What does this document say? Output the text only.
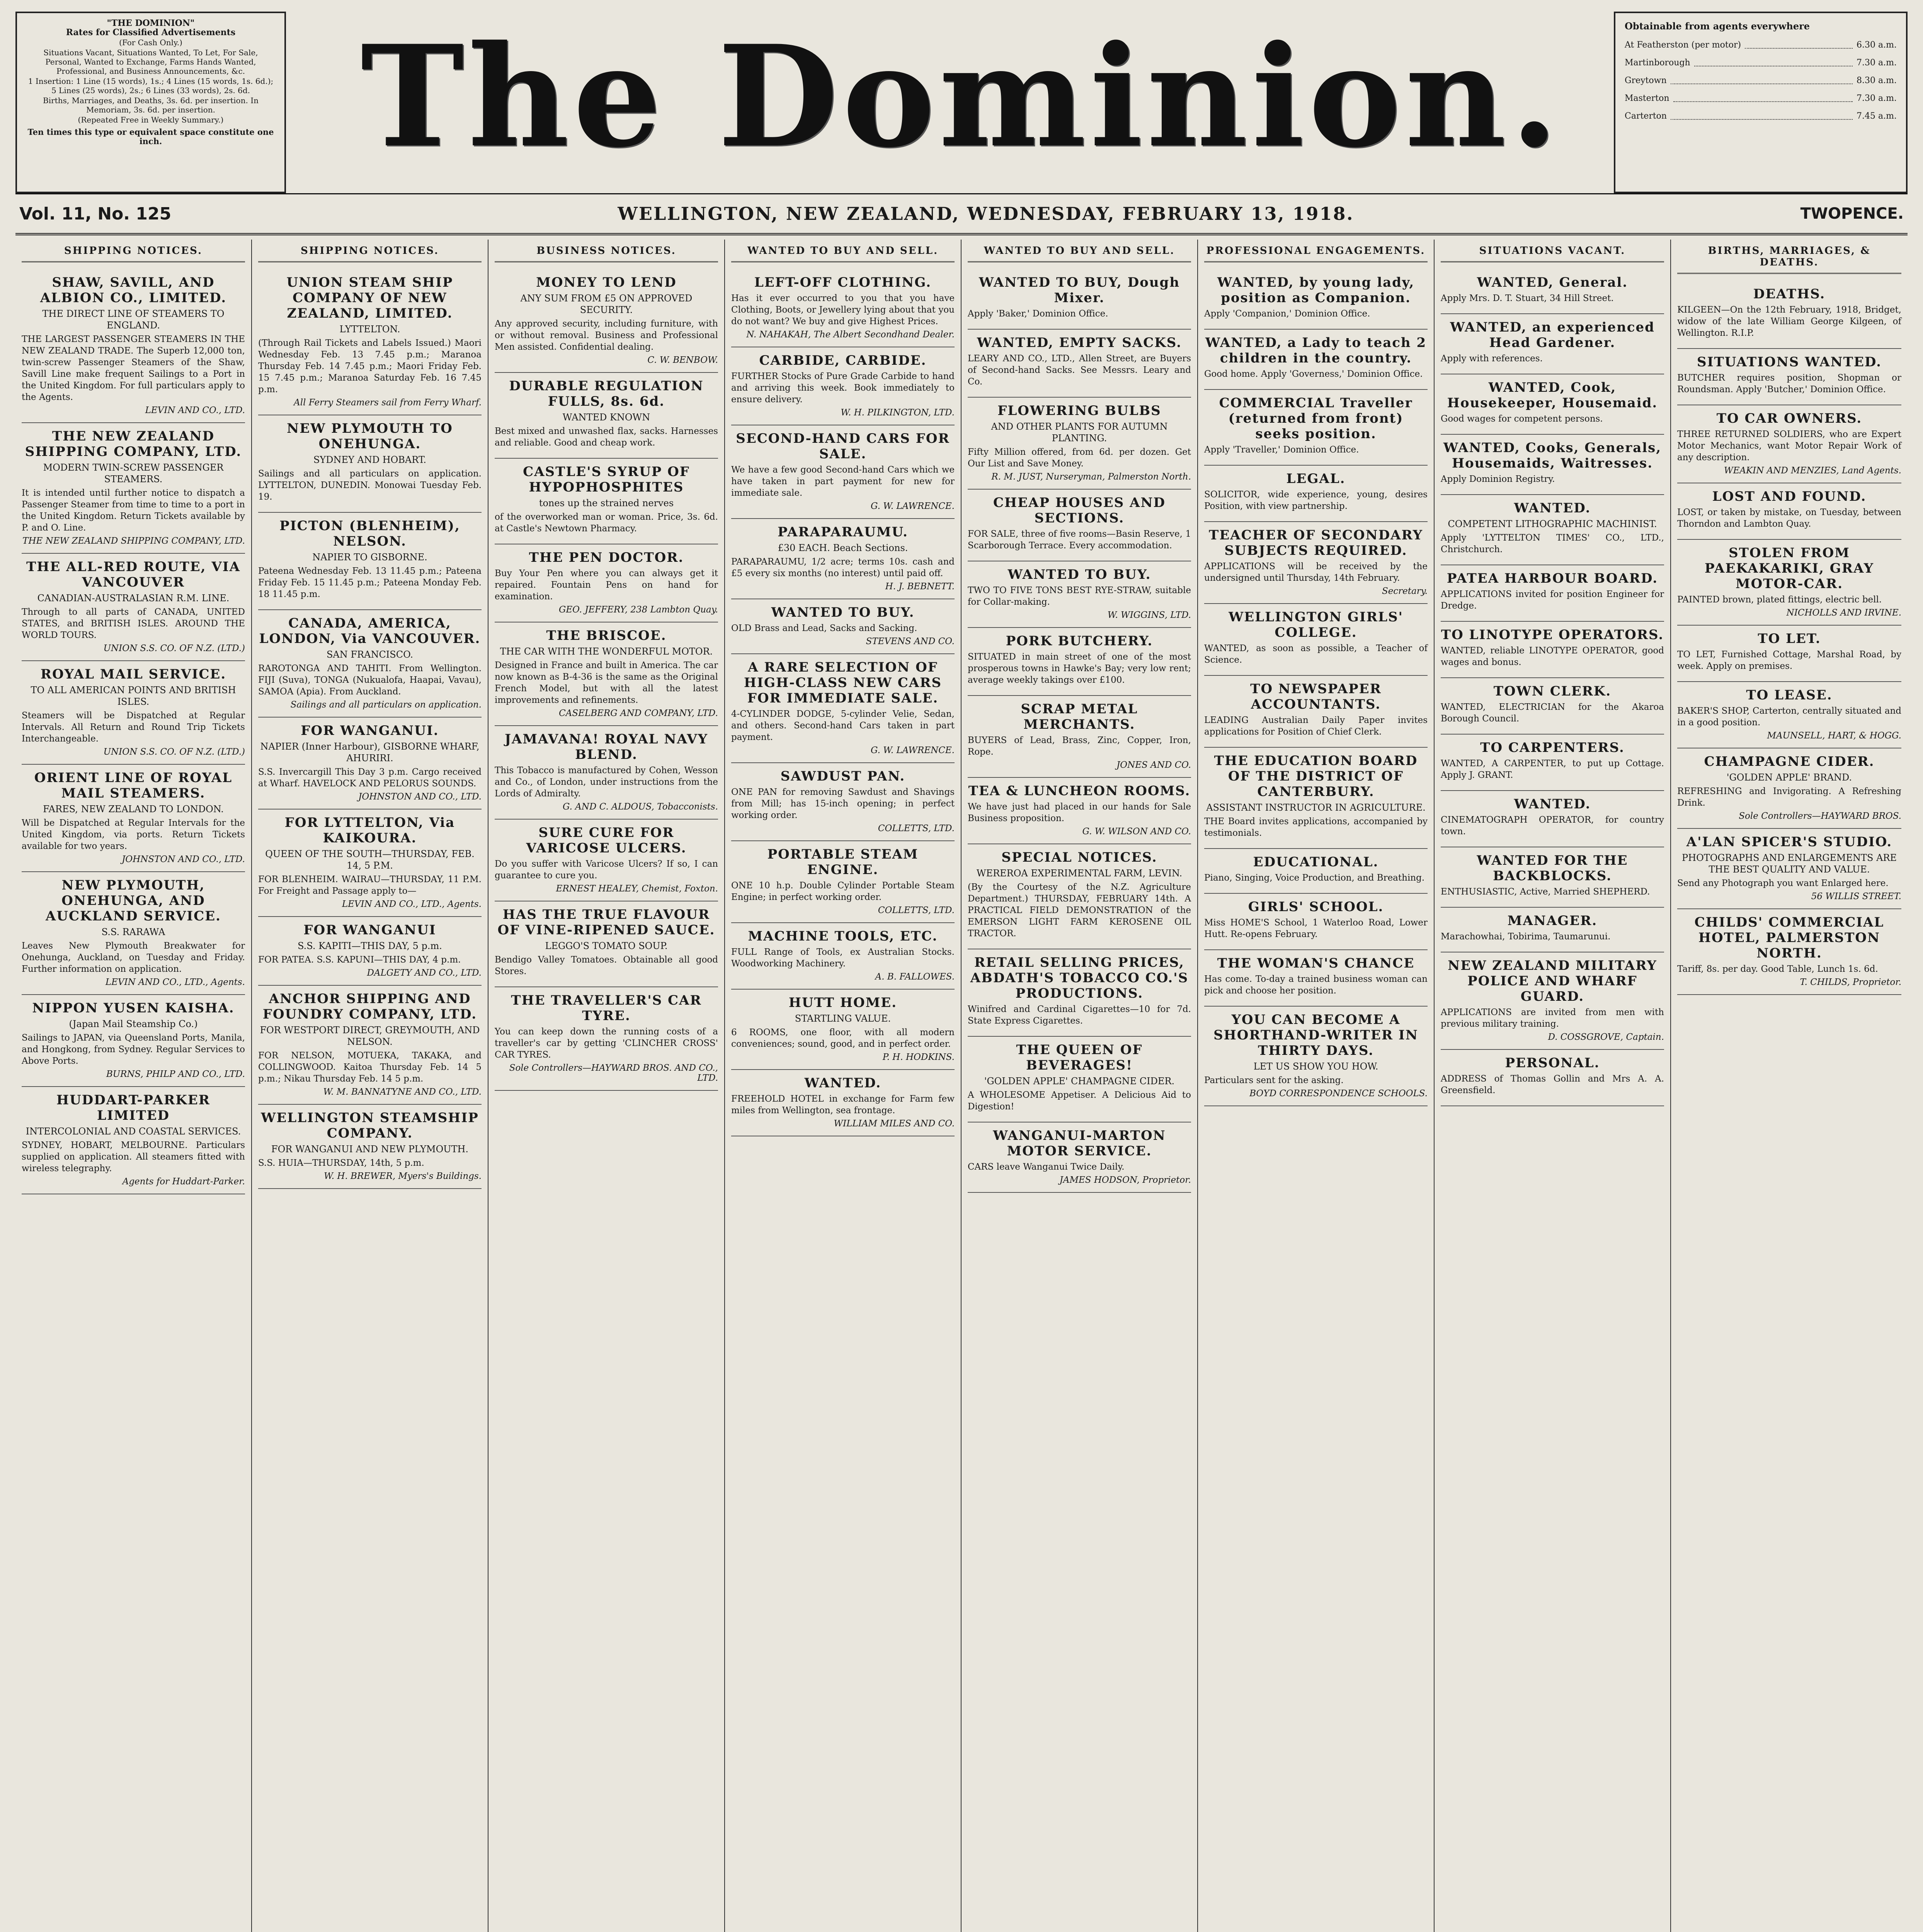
"THE DOMINION"
Rates for Classified Advertisements

(For Cash Only.)

Situations Vacant, Situations Wanted, To Let, For Sale, Personal, Wanted to Exchange, Farms Hands Wanted, Professional, and Business Announcements, &c.

1 Insertion: 1 Line (15 words), 1s.; 4 Lines (15 words, 1s. 6d.); 5 Lines (25 words), 2s.; 6 Lines (33 words), 2s. 6d.

Births, Marriages, and Deaths, 3s. 6d. per insertion. In Memoriam, 3s. 6d. per insertion.

(Repeated Free in Weekly Summary.)

Ten times this type or equivalent space constitute one inch.	The Dominion.	Obtainable from agents everywhere
At Featherston (per motor)	6.30 a.m.
Martinborough	7.30 a.m.
Greytown	8.30 a.m.
Masterton	7.30 a.m.
Carterton	7.45 a.m.
Vol. 11, No. 125	WELLINGTON, NEW ZEALAND, WEDNESDAY, FEBRUARY 13, 1918.	TWOPENCE.
SHIPPING NOTICES.
SHAW, SAVILL, AND ALBION CO., LIMITED.
THE DIRECT LINE OF STEAMERS TO ENGLAND.
THE LARGEST PASSENGER STEAMERS IN THE NEW ZEALAND TRADE. The Superb 12,000 ton, twin-screw Passenger Steamers of the Shaw, Savill Line make frequent Sailings to a Port in the United Kingdom. For full particulars apply to the Agents.
LEVIN AND CO., LTD.
THE NEW ZEALAND SHIPPING COMPANY, LTD.
MODERN TWIN-SCREW PASSENGER STEAMERS.
It is intended until further notice to dispatch a Passenger Steamer from time to time to a port in the United Kingdom. Return Tickets available by P. and O. Line.
THE NEW ZEALAND SHIPPING COMPANY, LTD.
THE ALL-RED ROUTE, VIA VANCOUVER
CANADIAN-AUSTRALASIAN R.M. LINE.
Through to all parts of CANADA, UNITED STATES, and BRITISH ISLES. AROUND THE WORLD TOURS.
UNION S.S. CO. OF N.Z. (LTD.)
ROYAL MAIL SERVICE.
TO ALL AMERICAN POINTS AND BRITISH ISLES.
Steamers will be Dispatched at Regular Intervals. All Return and Round Trip Tickets Interchangeable.
UNION S.S. CO. OF N.Z. (LTD.)
ORIENT LINE OF ROYAL MAIL STEAMERS.
FARES, NEW ZEALAND TO LONDON.
Will be Dispatched at Regular Intervals for the United Kingdom, via ports. Return Tickets available for two years.
JOHNSTON AND CO., LTD.
NEW PLYMOUTH, ONEHUNGA, AND AUCKLAND SERVICE.
S.S. RARAWA
Leaves New Plymouth Breakwater for Onehunga, Auckland, on Tuesday and Friday. Further information on application.
LEVIN AND CO., LTD., Agents.
NIPPON YUSEN KAISHA.
(Japan Mail Steamship Co.)
Sailings to JAPAN, via Queensland Ports, Manila, and Hongkong, from Sydney. Regular Services to Above Ports.
BURNS, PHILP AND CO., LTD.
HUDDART-PARKER LIMITED
INTERCOLONIAL AND COASTAL SERVICES.
SYDNEY, HOBART, MELBOURNE. Particulars supplied on application. All steamers fitted with wireless telegraphy.
Agents for Huddart-Parker.
SHIPPING NOTICES.
UNION STEAM SHIP COMPANY OF NEW ZEALAND, LIMITED.
LYTTELTON.
(Through Rail Tickets and Labels Issued.) Maori Wednesday Feb. 13 7.45 p.m.; Maranoa Thursday Feb. 14 7.45 p.m.; Maori Friday Feb. 15 7.45 p.m.; Maranoa Saturday Feb. 16 7.45 p.m.
All Ferry Steamers sail from Ferry Wharf.
NEW PLYMOUTH TO ONEHUNGA.
SYDNEY AND HOBART.
Sailings and all particulars on application. LYTTELTON, DUNEDIN. Monowai Tuesday Feb. 19.
PICTON (BLENHEIM), NELSON.
NAPIER TO GISBORNE.
Pateena Wednesday Feb. 13 11.45 p.m.; Pateena Friday Feb. 15 11.45 p.m.; Pateena Monday Feb. 18 11.45 p.m.
CANADA, AMERICA, LONDON, Via VANCOUVER.
SAN FRANCISCO.
RAROTONGA AND TAHITI. From Wellington. FIJI (Suva), TONGA (Nukualofa, Haapai, Vavau), SAMOA (Apia). From Auckland.
Sailings and all particulars on application.
FOR WANGANUI.
NAPIER (Inner Harbour), GISBORNE WHARF, AHURIRI.
S.S. Invercargill This Day 3 p.m. Cargo received at Wharf. HAVELOCK AND PELORUS SOUNDS.
JOHNSTON AND CO., LTD.
FOR LYTTELTON, Via KAIKOURA.
QUEEN OF THE SOUTH—THURSDAY, FEB. 14, 5 P.M.
FOR BLENHEIM. WAIRAU—THURSDAY, 11 P.M. For Freight and Passage apply to—
LEVIN AND CO., LTD., Agents.
FOR WANGANUI
S.S. KAPITI—THIS DAY, 5 p.m.
FOR PATEA. S.S. KAPUNI—THIS DAY, 4 p.m.
DALGETY AND CO., LTD.
ANCHOR SHIPPING AND FOUNDRY COMPANY, LTD.
FOR WESTPORT DIRECT, GREYMOUTH, AND NELSON.
FOR NELSON, MOTUEKA, TAKAKA, and COLLINGWOOD. Kaitoa Thursday Feb. 14 5 p.m.; Nikau Thursday Feb. 14 5 p.m.
W. M. BANNATYNE AND CO., LTD.
WELLINGTON STEAMSHIP COMPANY.
FOR WANGANUI AND NEW PLYMOUTH.
S.S. HUIA—THURSDAY, 14th, 5 p.m.
W. H. BREWER, Myers's Buildings.
BUSINESS NOTICES.
MONEY TO LEND
ANY SUM FROM £5 ON APPROVED SECURITY.
Any approved security, including furniture, with or without removal. Business and Professional Men assisted. Confidential dealing.
C. W. BENBOW.
DURABLE REGULATION FULLS, 8s. 6d.
WANTED KNOWN
Best mixed and unwashed flax, sacks. Harnesses and reliable. Good and cheap work.
CASTLE'S SYRUP OF HYPOPHOSPHITES
tones up the strained nerves
of the overworked man or woman. Price, 3s. 6d. at Castle's Newtown Pharmacy.
THE PEN DOCTOR.
Buy Your Pen where you can always get it repaired. Fountain Pens on hand for examination.
GEO. JEFFERY, 238 Lambton Quay.
THE BRISCOE.
THE CAR WITH THE WONDERFUL MOTOR.
Designed in France and built in America. The car now known as B-4-36 is the same as the Original French Model, but with all the latest improvements and refinements.
CASELBERG AND COMPANY, LTD.
JAMAVANA! ROYAL NAVY BLEND.
This Tobacco is manufactured by Cohen, Wesson and Co., of London, under instructions from the Lords of Admiralty.
G. AND C. ALDOUS, Tobacconists.
SURE CURE FOR VARICOSE ULCERS.
Do you suffer with Varicose Ulcers? If so, I can guarantee to cure you.
ERNEST HEALEY, Chemist, Foxton.
HAS THE TRUE FLAVOUR OF VINE-RIPENED SAUCE.
LEGGO'S TOMATO SOUP.
Bendigo Valley Tomatoes. Obtainable all good Stores.
THE TRAVELLER'S CAR TYRE.
You can keep down the running costs of a traveller's car by getting 'CLINCHER CROSS' CAR TYRES.
Sole Controllers—HAYWARD BROS. AND CO., LTD.
WANTED TO BUY AND SELL.
LEFT-OFF CLOTHING.
Has it ever occurred to you that you have Clothing, Boots, or Jewellery lying about that you do not want? We buy and give Highest Prices.
N. NAHAKAH, The Albert Secondhand Dealer.
CARBIDE, CARBIDE.
FURTHER Stocks of Pure Grade Carbide to hand and arriving this week. Book immediately to ensure delivery.
W. H. PILKINGTON, LTD.
SECOND-HAND CARS FOR SALE.
We have a few good Second-hand Cars which we have taken in part payment for new for immediate sale.
G. W. LAWRENCE.
PARAPARAUMU.
£30 EACH. Beach Sections.
PARAPARAUMU, 1/2 acre; terms 10s. cash and £5 every six months (no interest) until paid off.
H. J. BEBNETT.
WANTED TO BUY.
OLD Brass and Lead, Sacks and Sacking.
STEVENS AND CO.
A RARE SELECTION OF HIGH-CLASS NEW CARS FOR IMMEDIATE SALE.
4-CYLINDER DODGE, 5-cylinder Velie, Sedan, and others. Second-hand Cars taken in part payment.
G. W. LAWRENCE.
SAWDUST PAN.
ONE PAN for removing Sawdust and Shavings from Mill; has 15-inch opening; in perfect working order.
COLLETTS, LTD.
PORTABLE STEAM ENGINE.
ONE 10 h.p. Double Cylinder Portable Steam Engine; in perfect working order.
COLLETTS, LTD.
MACHINE TOOLS, ETC.
FULL Range of Tools, ex Australian Stocks. Woodworking Machinery.
A. B. FALLOWES.
HUTT HOME.
STARTLING VALUE.
6 ROOMS, one floor, with all modern conveniences; sound, good, and in perfect order.
P. H. HODKINS.
WANTED.
FREEHOLD HOTEL in exchange for Farm few miles from Wellington, sea frontage.
WILLIAM MILES AND CO.
WANTED TO BUY AND SELL.
WANTED TO BUY, Dough Mixer.
Apply 'Baker,' Dominion Office.
WANTED, EMPTY SACKS.
LEARY AND CO., LTD., Allen Street, are Buyers of Second-hand Sacks. See Messrs. Leary and Co.
FLOWERING BULBS
AND OTHER PLANTS FOR AUTUMN PLANTING.
Fifty Million offered, from 6d. per dozen. Get Our List and Save Money.
R. M. JUST, Nurseryman, Palmerston North.
CHEAP HOUSES AND SECTIONS.
FOR SALE, three of five rooms—Basin Reserve, 1 Scarborough Terrace. Every accommodation.
WANTED TO BUY.
TWO TO FIVE TONS BEST RYE-STRAW, suitable for Collar-making.
W. WIGGINS, LTD.
PORK BUTCHERY.
SITUATED in main street of one of the most prosperous towns in Hawke's Bay; very low rent; average weekly takings over £100.
SCRAP METAL MERCHANTS.
BUYERS of Lead, Brass, Zinc, Copper, Iron, Rope.
JONES AND CO.
TEA & LUNCHEON ROOMS.
We have just had placed in our hands for Sale Business proposition.
G. W. WILSON AND CO.
SPECIAL NOTICES.
WEREROA EXPERIMENTAL FARM, LEVIN.
(By the Courtesy of the N.Z. Agriculture Department.) THURSDAY, FEBRUARY 14th. A PRACTICAL FIELD DEMONSTRATION of the EMERSON LIGHT FARM KEROSENE OIL TRACTOR.
RETAIL SELLING PRICES, ABDATH'S TOBACCO CO.'S PRODUCTIONS.
Winifred and Cardinal Cigarettes—10 for 7d. State Express Cigarettes.
THE QUEEN OF BEVERAGES!
'GOLDEN APPLE' CHAMPAGNE CIDER.
A WHOLESOME Appetiser. A Delicious Aid to Digestion!
WANGANUI-MARTON MOTOR SERVICE.
CARS leave Wanganui Twice Daily.
JAMES HODSON, Proprietor.
PROFESSIONAL ENGAGEMENTS.
WANTED, by young lady, position as Companion.
Apply 'Companion,' Dominion Office.
WANTED, a Lady to teach 2 children in the country.
Good home. Apply 'Governess,' Dominion Office.
COMMERCIAL Traveller (returned from front) seeks position.
Apply 'Traveller,' Dominion Office.
LEGAL.
SOLICITOR, wide experience, young, desires Position, with view partnership.
TEACHER OF SECONDARY SUBJECTS REQUIRED.
APPLICATIONS will be received by the undersigned until Thursday, 14th February.
Secretary.
WELLINGTON GIRLS' COLLEGE.
WANTED, as soon as possible, a Teacher of Science.
TO NEWSPAPER ACCOUNTANTS.
LEADING Australian Daily Paper invites applications for Position of Chief Clerk.
THE EDUCATION BOARD OF THE DISTRICT OF CANTERBURY.
ASSISTANT INSTRUCTOR IN AGRICULTURE.
THE Board invites applications, accompanied by testimonials.
EDUCATIONAL.
Piano, Singing, Voice Production, and Breathing.
GIRLS' SCHOOL.
Miss HOME'S School, 1 Waterloo Road, Lower Hutt. Re-opens February.
THE WOMAN'S CHANCE
Has come. To-day a trained business woman can pick and choose her position.
YOU CAN BECOME A SHORTHAND-WRITER IN THIRTY DAYS.
LET US SHOW YOU HOW.
Particulars sent for the asking.
BOYD CORRESPONDENCE SCHOOLS.
SITUATIONS VACANT.
WANTED, General.
Apply Mrs. D. T. Stuart, 34 Hill Street.
WANTED, an experienced Head Gardener.
Apply with references.
WANTED, Cook, Housekeeper, Housemaid.
Good wages for competent persons.
WANTED, Cooks, Generals, Housemaids, Waitresses.
Apply Dominion Registry.
WANTED.
COMPETENT LITHOGRAPHIC MACHINIST.
Apply 'LYTTELTON TIMES' CO., LTD., Christchurch.
PATEA HARBOUR BOARD.
APPLICATIONS invited for position Engineer for Dredge.
TO LINOTYPE OPERATORS.
WANTED, reliable LINOTYPE OPERATOR, good wages and bonus.
TOWN CLERK.
WANTED, ELECTRICIAN for the Akaroa Borough Council.
TO CARPENTERS.
WANTED, A CARPENTER, to put up Cottage. Apply J. GRANT.
WANTED.
CINEMATOGRAPH OPERATOR, for country town.
WANTED FOR THE BACKBLOCKS.
ENTHUSIASTIC, Active, Married SHEPHERD.
MANAGER.
Marachowhai, Tobirima, Taumarunui.
NEW ZEALAND MILITARY POLICE AND WHARF GUARD.
APPLICATIONS are invited from men with previous military training.
D. COSSGROVE, Captain.
PERSONAL.
ADDRESS of Thomas Gollin and Mrs A. A. Greensfield.
BIRTHS, MARRIAGES, & DEATHS.
DEATHS.
KILGEEN—On the 12th February, 1918, Bridget, widow of the late William George Kilgeen, of Wellington. R.I.P.
SITUATIONS WANTED.
BUTCHER requires position, Shopman or Roundsman. Apply 'Butcher,' Dominion Office.
TO CAR OWNERS.
THREE RETURNED SOLDIERS, who are Expert Motor Mechanics, want Motor Repair Work of any description.
WEAKIN AND MENZIES, Land Agents.
LOST AND FOUND.
LOST, or taken by mistake, on Tuesday, between Thorndon and Lambton Quay.
STOLEN FROM PAEKAKARIKI, GRAY MOTOR-CAR.
PAINTED brown, plated fittings, electric bell.
NICHOLLS AND IRVINE.
TO LET.
TO LET, Furnished Cottage, Marshal Road, by week. Apply on premises.
TO LEASE.
BAKER'S SHOP, Carterton, centrally situated and in a good position.
MAUNSELL, HART, & HOGG.
CHAMPAGNE CIDER.
'GOLDEN APPLE' BRAND.
REFRESHING and Invigorating. A Refreshing Drink.
Sole Controllers—HAYWARD BROS.
A'LAN SPICER'S STUDIO.
PHOTOGRAPHS AND ENLARGEMENTS ARE THE BEST QUALITY AND VALUE.
Send any Photograph you want Enlarged here.
56 WILLIS STREET.
CHILDS' COMMERCIAL HOTEL, PALMERSTON NORTH.
Tariff, 8s. per day. Good Table, Lunch 1s. 6d.
T. CHILDS, Proprietor.
